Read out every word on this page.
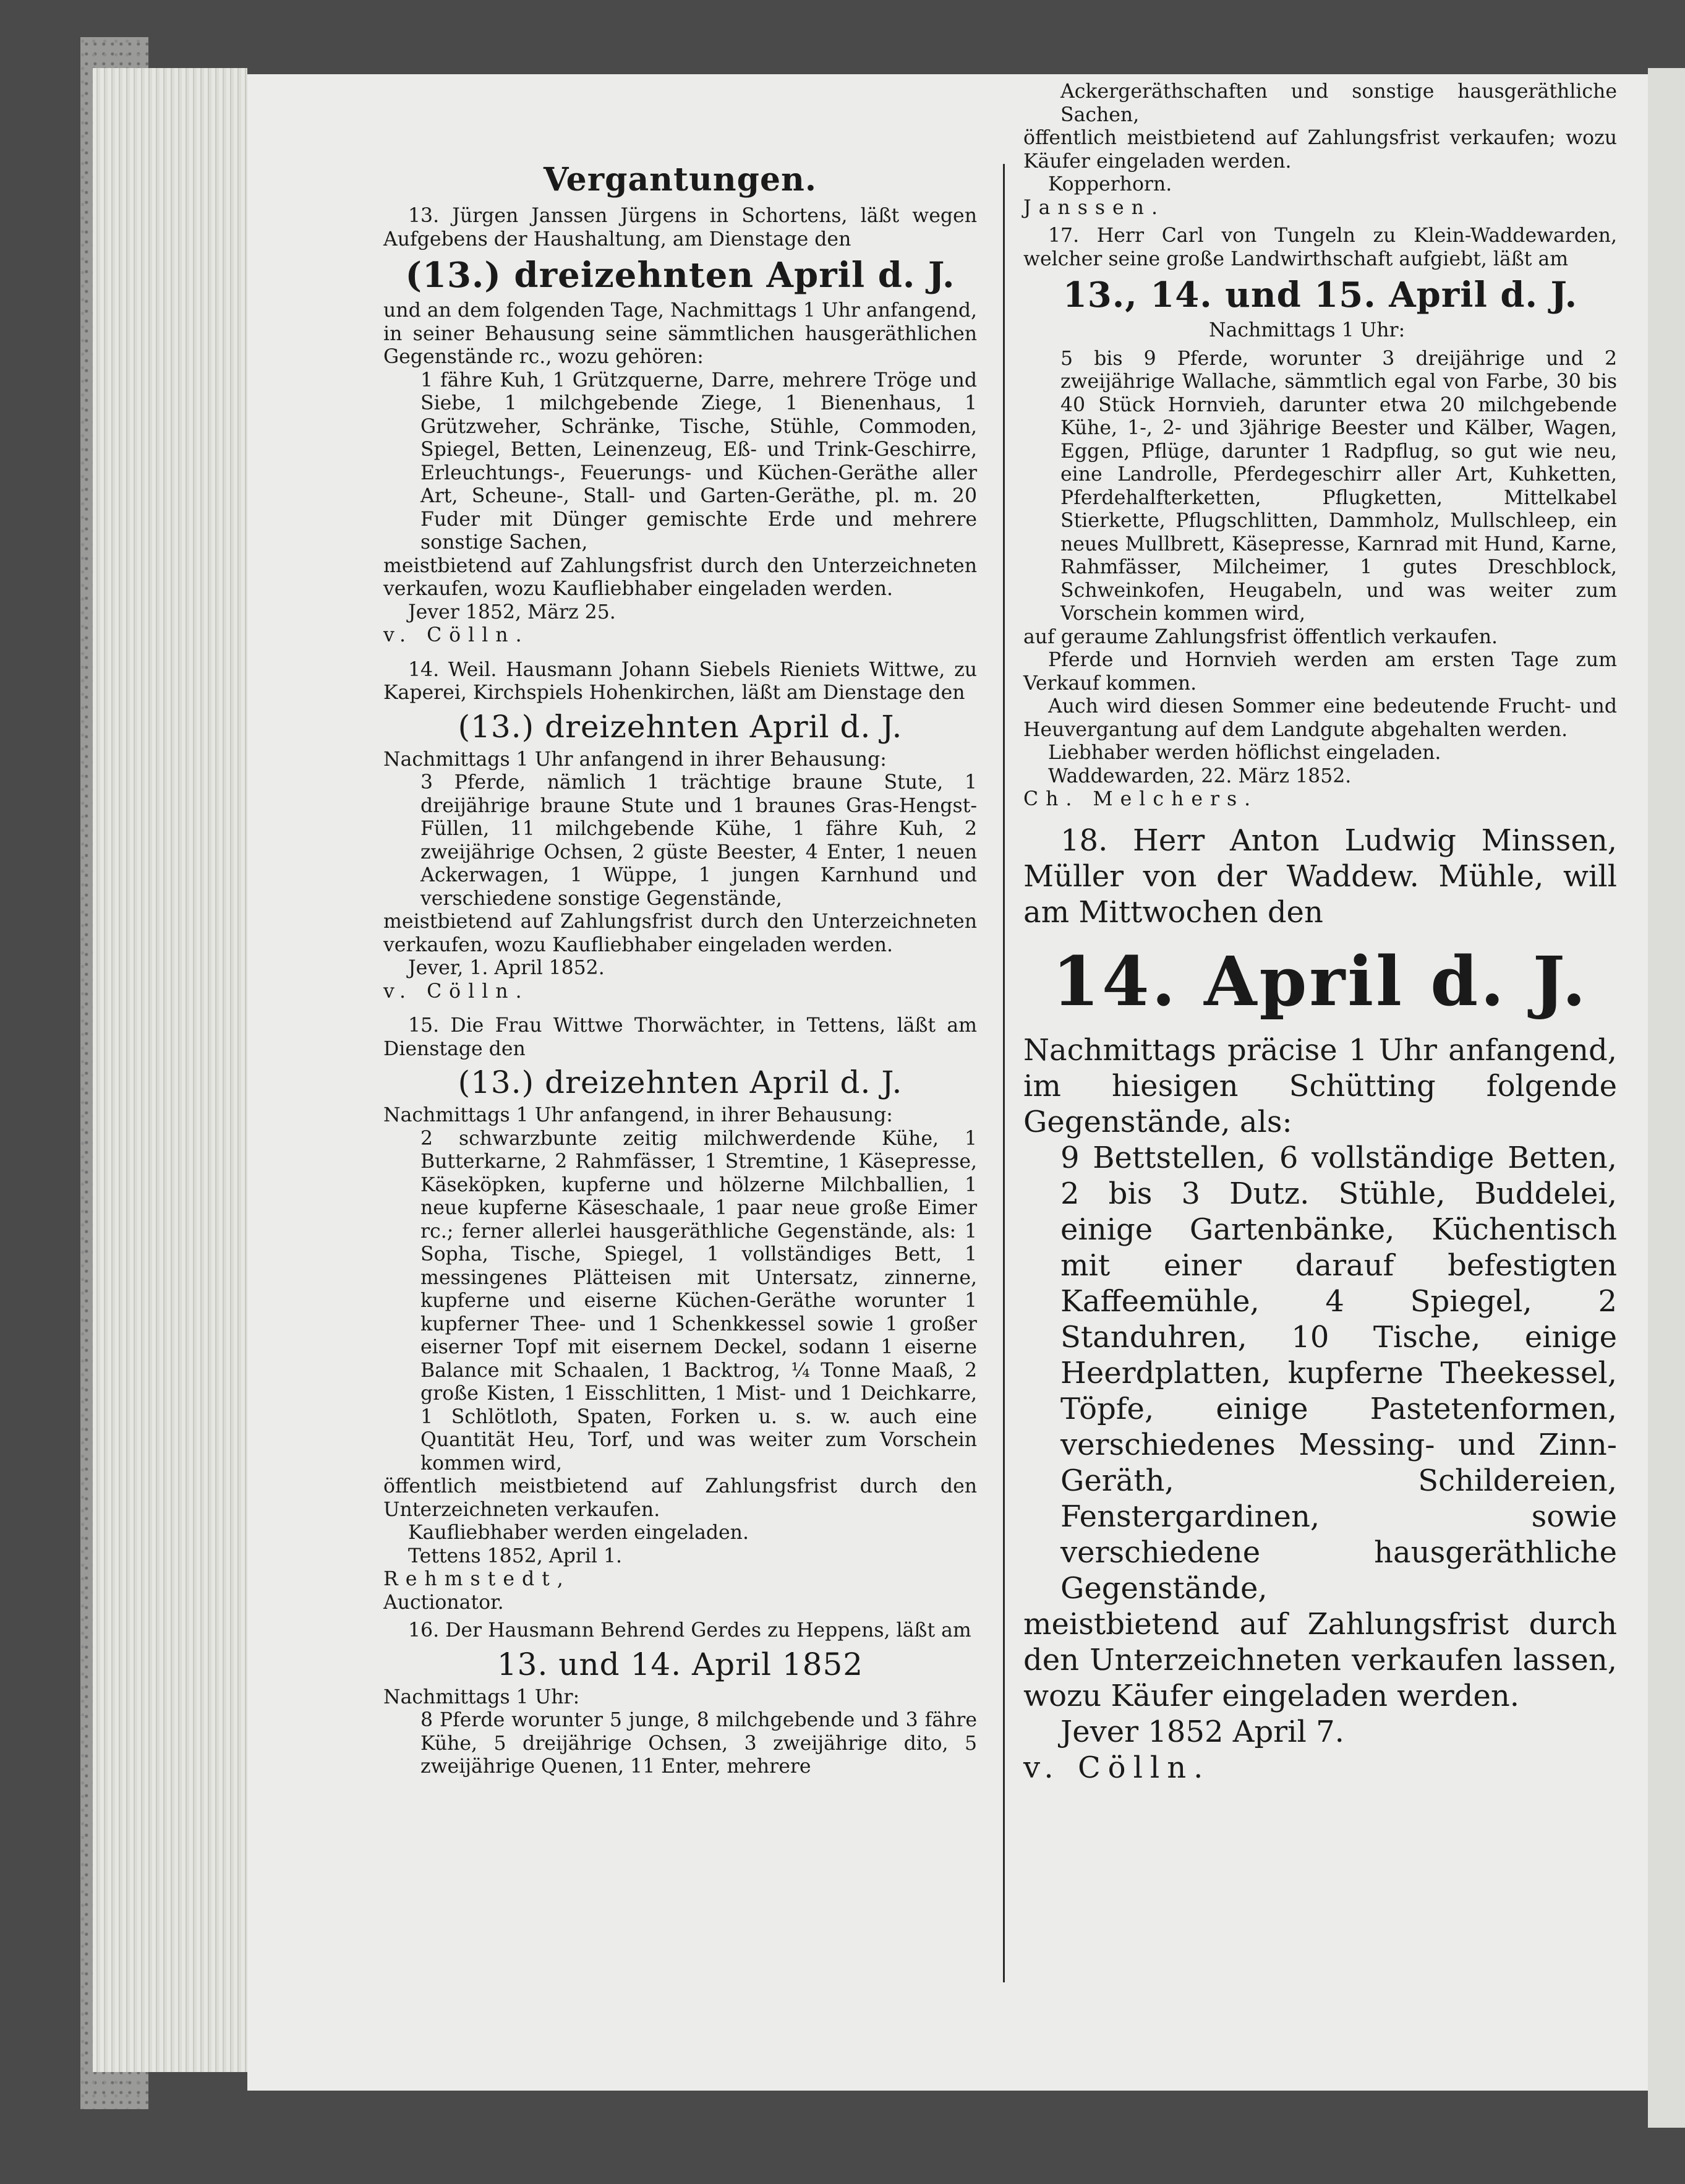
Vergantungen.

13. Jürgen Janssen Jürgens in Schortens, läßt wegen Aufgebens der Haushaltung, am Dienstage den

(13.) dreizehnten April d. J.

und an dem folgenden Tage, Nachmittags 1 Uhr anfangend, in seiner Behausung seine sämmtlichen hausgeräthlichen Gegenstände rc., wozu gehören:

1 fähre Kuh, 1 Grützquerne, Darre, mehrere Tröge und Siebe, 1 milchgebende Ziege, 1 Bienenhaus, 1 Grützweher, Schränke, Tische, Stühle, Commoden, Spiegel, Betten, Leinenzeug, Eß- und Trink-Geschirre, Erleuchtungs-, Feuerungs- und Küchen-Geräthe aller Art, Scheune-, Stall- und Garten-Geräthe, pl. m. 20 Fuder mit Dünger gemischte Erde und mehrere sonstige Sachen,

meistbietend auf Zahlungsfrist durch den Unterzeichneten verkaufen, wozu Kaufliebhaber eingeladen werden.

Jever 1852, März 25.

v. Cölln.

14. Weil. Hausmann Johann Siebels Rieniets Wittwe, zu Kaperei, Kirchspiels Hohenkirchen, läßt am Dienstage den

(13.) dreizehnten April d. J.

Nachmittags 1 Uhr anfangend in ihrer Behausung:

3 Pferde, nämlich 1 trächtige braune Stute, 1 dreijährige braune Stute und 1 braunes Gras-Hengst-Füllen, 11 milchgebende Kühe, 1 fähre Kuh, 2 zweijährige Ochsen, 2 güste Beester, 4 Enter, 1 neuen Ackerwagen, 1 Wüppe, 1 jungen Karnhund und verschiedene sonstige Gegenstände,

meistbietend auf Zahlungsfrist durch den Unterzeichneten verkaufen, wozu Kaufliebhaber eingeladen werden.

Jever, 1. April 1852.

v. Cölln.

15. Die Frau Wittwe Thorwächter, in Tettens, läßt am Dienstage den

(13.) dreizehnten April d. J.

Nachmittags 1 Uhr anfangend, in ihrer Behausung:

2 schwarzbunte zeitig milchwerdende Kühe, 1 Butterkarne, 2 Rahmfässer, 1 Stremtine, 1 Käsepresse, Käseköpken, kupferne und hölzerne Milchballien, 1 neue kupferne Käseschaale, 1 paar neue große Eimer rc.; ferner allerlei hausgeräthliche Gegenstände, als: 1 Sopha, Tische, Spiegel, 1 vollständiges Bett, 1 messingenes Plätteisen mit Untersatz, zinnerne, kupferne und eiserne Küchen-Geräthe worunter 1 kupferner Thee- und 1 Schenkkessel sowie 1 großer eiserner Topf mit eisernem Deckel, sodann 1 eiserne Balance mit Schaalen, 1 Backtrog, ¼ Tonne Maaß, 2 große Kisten, 1 Eisschlitten, 1 Mist- und 1 Deichkarre, 1 Schlötloth, Spaten, Forken u. s. w. auch eine Quantität Heu, Torf, und was weiter zum Vorschein kommen wird,

öffentlich meistbietend auf Zahlungsfrist durch den Unterzeichneten verkaufen.

Kaufliebhaber werden eingeladen.

Tettens 1852, April 1.

Rehmstedt,

Auctionator.

16. Der Hausmann Behrend Gerdes zu Heppens, läßt am

13. und 14. April 1852

Nachmittags 1 Uhr:

8 Pferde worunter 5 junge, 8 milchgebende und 3 fähre Kühe, 5 dreijährige Ochsen, 3 zweijährige dito, 5 zweijährige Quenen, 11 Enter, mehrere

Ackergeräthschaften und sonstige hausgeräthliche Sachen,

öffentlich meistbietend auf Zahlungsfrist verkaufen; wozu Käufer eingeladen werden.

Kopperhorn.

Janssen.

17. Herr Carl von Tungeln zu Klein-Waddewarden, welcher seine große Landwirthschaft aufgiebt, läßt am

13., 14. und 15. April d. J.

Nachmittags 1 Uhr:

5 bis 9 Pferde, worunter 3 dreijährige und 2 zweijährige Wallache, sämmtlich egal von Farbe, 30 bis 40 Stück Hornvieh, darunter etwa 20 milchgebende Kühe, 1-, 2- und 3jährige Beester und Kälber, Wagen, Eggen, Pflüge, darunter 1 Radpflug, so gut wie neu, eine Landrolle, Pferdegeschirr aller Art, Kuhketten, Pferdehalfterketten, Pflugketten, Mittelkabel Stierkette, Pflugschlitten, Dammholz, Mullschleep, ein neues Mullbrett, Käsepresse, Karnrad mit Hund, Karne, Rahmfässer, Milcheimer, 1 gutes Dreschblock, Schweinkofen, Heugabeln, und was weiter zum Vorschein kommen wird,

auf geraume Zahlungsfrist öffentlich verkaufen.

Pferde und Hornvieh werden am ersten Tage zum Verkauf kommen.

Auch wird diesen Sommer eine bedeutende Frucht- und Heuvergantung auf dem Landgute abgehalten werden.

Liebhaber werden höflichst eingeladen.

Waddewarden, 22. März 1852.

Ch. Melchers.

18. Herr Anton Ludwig Minssen, Müller von der Waddew. Mühle, will am Mittwochen den

14. April d. J.

Nachmittags präcise 1 Uhr anfangend, im hiesigen Schütting folgende Gegenstände, als:

9 Bettstellen, 6 vollständige Betten, 2 bis 3 Dutz. Stühle, Buddelei, einige Gartenbänke, Küchentisch mit einer darauf befestigten Kaffeemühle, 4 Spiegel, 2 Standuhren, 10 Tische, einige Heerdplatten, kupferne Theekessel, Töpfe, einige Pastetenformen, verschiedenes Messing- und Zinn-Geräth, Schildereien, Fenstergardinen, sowie verschiedene hausgeräthliche Gegenstände,

meistbietend auf Zahlungsfrist durch den Unterzeichneten verkaufen lassen, wozu Käufer eingeladen werden.

Jever 1852 April 7.

v. Cölln.
